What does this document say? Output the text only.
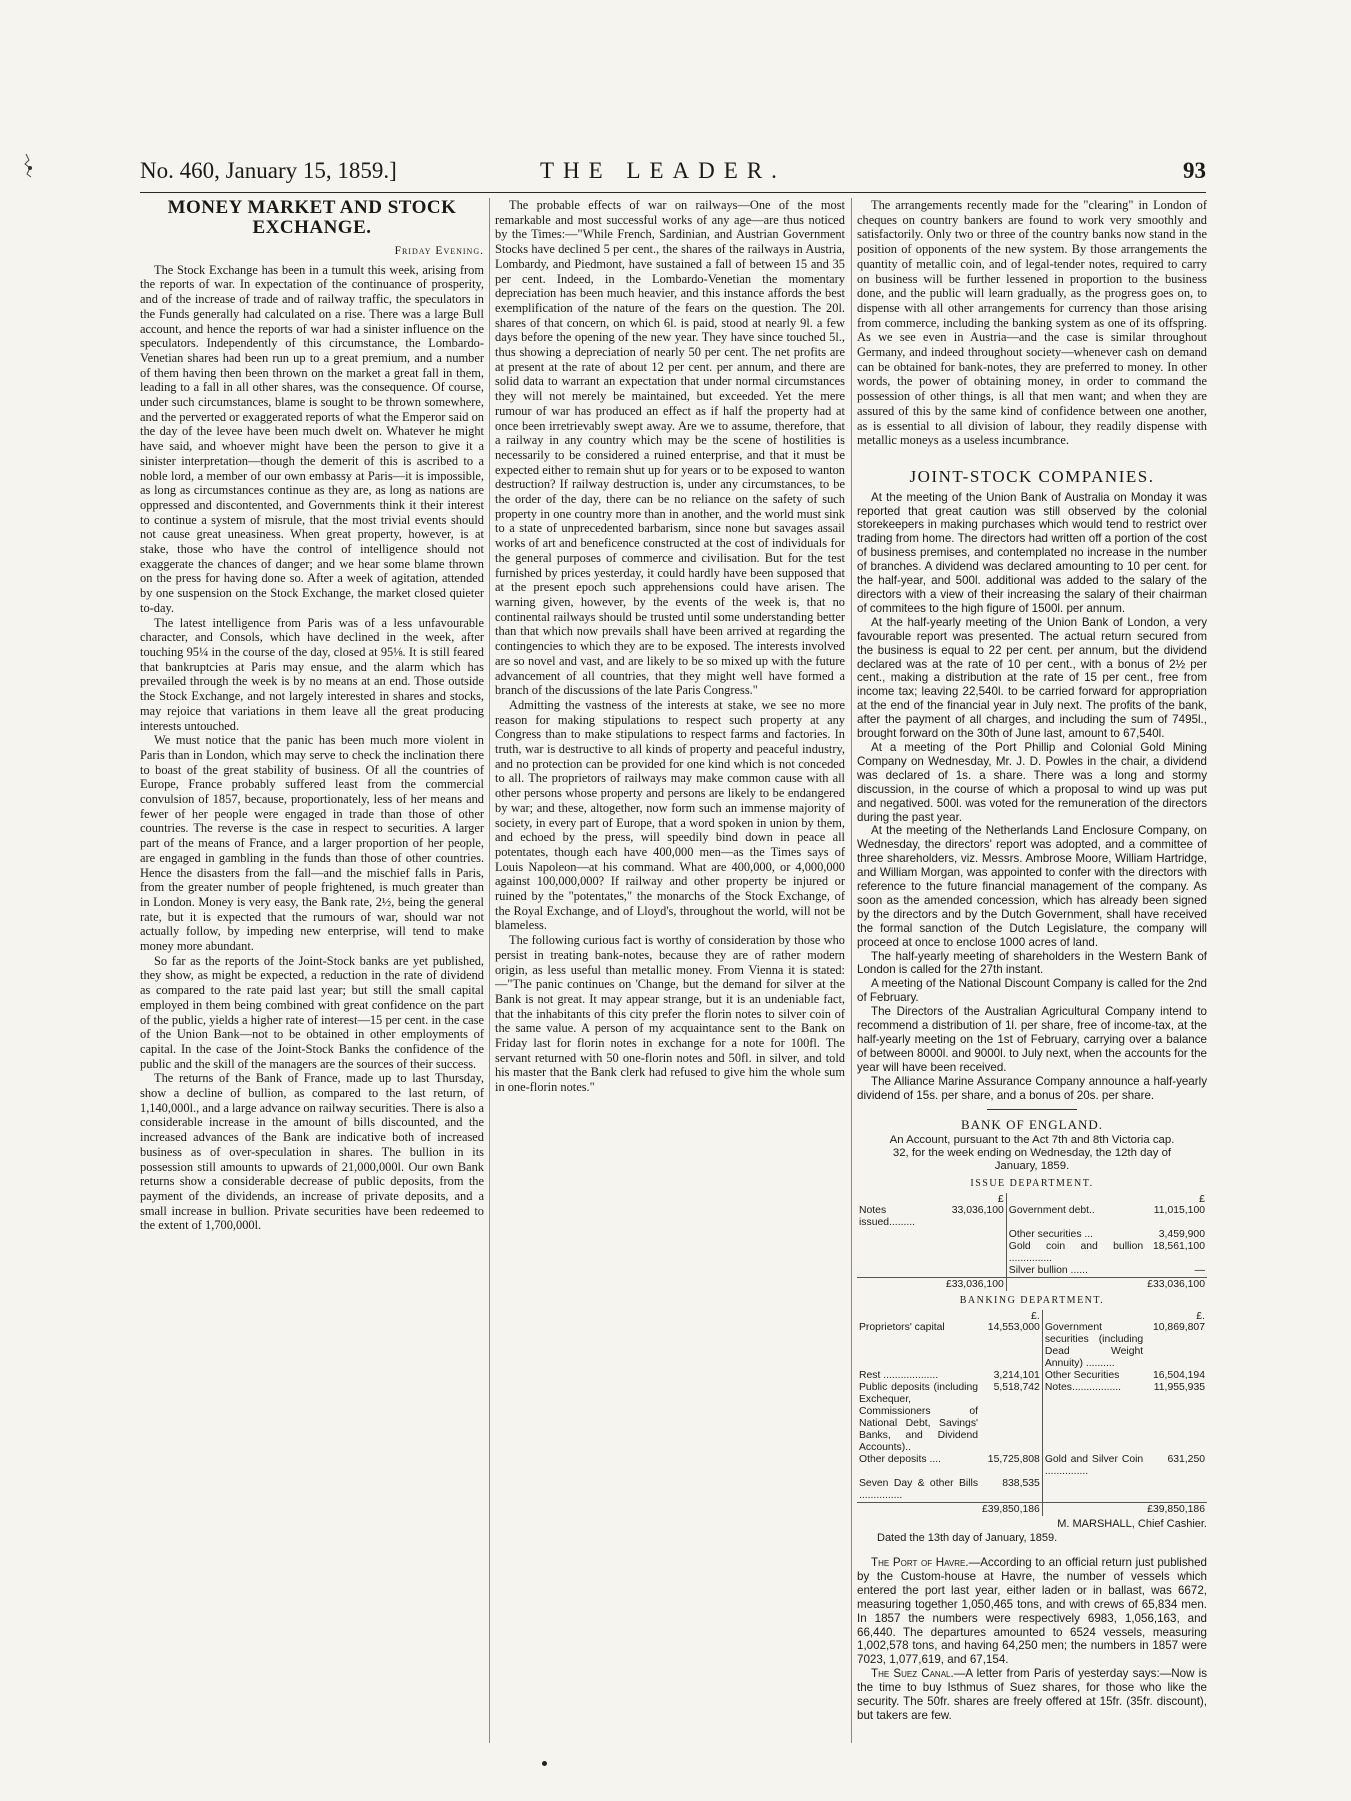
No. 460, January 15, 1859.]	THE LEADER.	93
MONEY MARKET AND STOCK EXCHANGE.
Friday Evening.

The Stock Exchange has been in a tumult this week, arising from the reports of war. In expectation of the continuance of prosperity, and of the increase of trade and of railway traffic, the speculators in the Funds generally had calculated on a rise. There was a large Bull account, and hence the reports of war had a sinister influence on the speculators. Independently of this circumstance, the Lombardo-Venetian shares had been run up to a great premium, and a number of them having then been thrown on the market a great fall in them, leading to a fall in all other shares, was the consequence. Of course, under such circumstances, blame is sought to be thrown somewhere, and the perverted or exaggerated reports of what the Emperor said on the day of the levee have been much dwelt on. Whatever he might have said, and whoever might have been the person to give it a sinister interpretation—though the demerit of this is ascribed to a noble lord, a member of our own embassy at Paris—it is impossible, as long as circumstances continue as they are, as long as nations are oppressed and discontented, and Governments think it their interest to continue a system of misrule, that the most trivial events should not cause great uneasiness. When great property, however, is at stake, those who have the control of intelligence should not exaggerate the chances of danger; and we hear some blame thrown on the press for having done so. After a week of agitation, attended by one suspension on the Stock Exchange, the market closed quieter to-day.

The latest intelligence from Paris was of a less unfavourable character, and Consols, which have declined in the week, after touching 95¼ in the course of the day, closed at 95⅛. It is still feared that bankruptcies at Paris may ensue, and the alarm which has prevailed through the week is by no means at an end. Those outside the Stock Exchange, and not largely interested in shares and stocks, may rejoice that variations in them leave all the great producing interests untouched.

We must notice that the panic has been much more violent in Paris than in London, which may serve to check the inclination there to boast of the great stability of business. Of all the countries of Europe, France probably suffered least from the commercial convulsion of 1857, because, proportionately, less of her means and fewer of her people were engaged in trade than those of other countries. The reverse is the case in respect to securities. A larger part of the means of France, and a larger proportion of her people, are engaged in gambling in the funds than those of other countries. Hence the disasters from the fall—and the mischief falls in Paris, from the greater number of people frightened, is much greater than in London. Money is very easy, the Bank rate, 2½, being the general rate, but it is expected that the rumours of war, should war not actually follow, by impeding new enterprise, will tend to make money more abundant.

So far as the reports of the Joint-Stock banks are yet published, they show, as might be expected, a reduction in the rate of dividend as compared to the rate paid last year; but still the small capital employed in them being combined with great confidence on the part of the public, yields a higher rate of interest—15 per cent. in the case of the Union Bank—not to be obtained in other employments of capital. In the case of the Joint-Stock Banks the confidence of the public and the skill of the managers are the sources of their success.

The returns of the Bank of France, made up to last Thursday, show a decline of bullion, as compared to the last return, of 1,140,000l., and a large advance on railway securities. There is also a considerable increase in the amount of bills discounted, and the increased advances of the Bank are indicative both of increased business as of over-speculation in shares. The bullion in its possession still amounts to upwards of 21,000,000l. Our own Bank returns show a considerable decrease of public deposits, from the payment of the dividends, an increase of private deposits, and a small increase in bullion. Private securities have been redeemed to the extent of 1,700,000l.

The probable effects of war on railways—One of the most remarkable and most successful works of any age—are thus noticed by the Times:—"While French, Sardinian, and Austrian Government Stocks have declined 5 per cent., the shares of the railways in Austria, Lombardy, and Piedmont, have sustained a fall of between 15 and 35 per cent. Indeed, in the Lombardo-Venetian the momentary depreciation has been much heavier, and this instance affords the best exemplification of the nature of the fears on the question. The 20l. shares of that concern, on which 6l. is paid, stood at nearly 9l. a few days before the opening of the new year. They have since touched 5l., thus showing a depreciation of nearly 50 per cent. The net profits are at present at the rate of about 12 per cent. per annum, and there are solid data to warrant an expectation that under normal circumstances they will not merely be maintained, but exceeded. Yet the mere rumour of war has produced an effect as if half the property had at once been irretrievably swept away. Are we to assume, therefore, that a railway in any country which may be the scene of hostilities is necessarily to be considered a ruined enterprise, and that it must be expected either to remain shut up for years or to be exposed to wanton destruction? If railway destruction is, under any circumstances, to be the order of the day, there can be no reliance on the safety of such property in one country more than in another, and the world must sink to a state of unprecedented barbarism, since none but savages assail works of art and beneficence constructed at the cost of individuals for the general purposes of commerce and civilisation. But for the test furnished by prices yesterday, it could hardly have been supposed that at the present epoch such apprehensions could have arisen. The warning given, however, by the events of the week is, that no continental railways should be trusted until some understanding better than that which now prevails shall have been arrived at regarding the contingencies to which they are to be exposed. The interests involved are so novel and vast, and are likely to be so mixed up with the future advancement of all countries, that they might well have formed a branch of the discussions of the late Paris Congress."

Admitting the vastness of the interests at stake, we see no more reason for making stipulations to respect such property at any Congress than to make stipulations to respect farms and factories. In truth, war is destructive to all kinds of property and peaceful industry, and no protection can be provided for one kind which is not conceded to all. The proprietors of railways may make common cause with all other persons whose property and persons are likely to be endangered by war; and these, altogether, now form such an immense majority of society, in every part of Europe, that a word spoken in union by them, and echoed by the press, will speedily bind down in peace all potentates, though each have 400,000 men—as the Times says of Louis Napoleon—at his command. What are 400,000, or 4,000,000 against 100,000,000? If railway and other property be injured or ruined by the "potentates," the monarchs of the Stock Exchange, of the Royal Exchange, and of Lloyd's, throughout the world, will not be blameless.

The following curious fact is worthy of consideration by those who persist in treating bank-notes, because they are of rather modern origin, as less useful than metallic money. From Vienna it is stated:—"The panic continues on 'Change, but the demand for silver at the Bank is not great. It may appear strange, but it is an undeniable fact, that the inhabitants of this city prefer the florin notes to silver coin of the same value. A person of my acquaintance sent to the Bank on Friday last for florin notes in exchange for a note for 100fl. The servant returned with 50 one-florin notes and 50fl. in silver, and told his master that the Bank clerk had refused to give him the whole sum in one-florin notes."

The arrangements recently made for the "clearing" in London of cheques on country bankers are found to work very smoothly and satisfactorily. Only two or three of the country banks now stand in the position of opponents of the new system. By those arrangements the quantity of metallic coin, and of legal-tender notes, required to carry on business will be further lessened in proportion to the business done, and the public will learn gradually, as the progress goes on, to dispense with all other arrangements for currency than those arising from commerce, including the banking system as one of its offspring. As we see even in Austria—and the case is similar throughout Germany, and indeed throughout society—whenever cash on demand can be obtained for bank-notes, they are preferred to money. In other words, the power of obtaining money, in order to command the possession of other things, is all that men want; and when they are assured of this by the same kind of confidence between one another, as is essential to all division of labour, they readily dispense with metallic moneys as a useless incumbrance.

JOINT-STOCK COMPANIES.

At the meeting of the Union Bank of Australia on Monday it was reported that great caution was still observed by the colonial storekeepers in making purchases which would tend to restrict over trading from home. The directors had written off a portion of the cost of business premises, and contemplated no increase in the number of branches. A dividend was declared amounting to 10 per cent. for the half-year, and 500l. additional was added to the salary of the directors with a view of their increasing the salary of their chairman of commitees to the high figure of 1500l. per annum.

At the half-yearly meeting of the Union Bank of London, a very favourable report was presented. The actual return secured from the business is equal to 22 per cent. per annum, but the dividend declared was at the rate of 10 per cent., with a bonus of 2½ per cent., making a distribution at the rate of 15 per cent., free from income tax; leaving 22,540l. to be carried forward for appropriation at the end of the financial year in July next. The profits of the bank, after the payment of all charges, and including the sum of 7495l., brought forward on the 30th of June last, amount to 67,540l.

At a meeting of the Port Phillip and Colonial Gold Mining Company on Wednesday, Mr. J. D. Powles in the chair, a dividend was declared of 1s. a share. There was a long and stormy discussion, in the course of which a proposal to wind up was put and negatived. 500l. was voted for the remuneration of the directors during the past year.

At the meeting of the Netherlands Land Enclosure Company, on Wednesday, the directors' report was adopted, and a committee of three shareholders, viz. Messrs. Ambrose Moore, William Hartridge, and William Morgan, was appointed to confer with the directors with reference to the future financial management of the company. As soon as the amended concession, which has already been signed by the directors and by the Dutch Government, shall have received the formal sanction of the Dutch Legislature, the company will proceed at once to enclose 1000 acres of land.

The half-yearly meeting of shareholders in the Western Bank of London is called for the 27th instant.

A meeting of the National Discount Company is called for the 2nd of February.

The Directors of the Australian Agricultural Company intend to recommend a distribution of 1l. per share, free of income-tax, at the half-yearly meeting on the 1st of February, carrying over a balance of between 8000l. and 9000l. to July next, when the accounts for the year will have been received.

The Alliance Marine Assurance Company announce a half-yearly dividend of 15s. per share, and a bonus of 20s. per share.

BANK OF ENGLAND.
An Account, pursuant to the Act 7th and 8th Victoria cap. 32, for the week ending on Wednesday, the 12th day of January, 1859.
ISSUE DEPARTMENT.
	£		£
Notes issued.........	33,036,100	Government debt..	11,015,100
		Other securities ...	3,459,900
		Gold coin and bullion ...............	18,561,100
		Silver bullion ......	—
	£33,036,100		£33,036,100
BANKING DEPARTMENT.
	£.		£.
Proprietors' capital	14,553,000	Government securities (including Dead Weight Annuity) ..........	10,869,807
Rest ...................	3,214,101	Other Securities	16,504,194
Public deposits (including Exchequer, Commissioners of National Debt, Savings' Banks, and Dividend Accounts)..	5,518,742	Notes.................	11,955,935
Other deposits ....	15,725,808	Gold and Silver Coin ...............	631,250
Seven Day & other Bills ...............	838,535		
	£39,850,186		£39,850,186
M. MARSHALL, Chief Cashier.
Dated the 13th day of January, 1859.

The Port of Havre.—According to an official return just published by the Custom-house at Havre, the number of vessels which entered the port last year, either laden or in ballast, was 6672, measuring together 1,050,465 tons, and with crews of 65,834 men. In 1857 the numbers were respectively 6983, 1,056,163, and 66,440. The departures amounted to 6524 vessels, measuring 1,002,578 tons, and having 64,250 men; the numbers in 1857 were 7023, 1,077,619, and 67,154.

The Suez Canal.—A letter from Paris of yesterday says:—Now is the time to buy Isthmus of Suez shares, for those who like the security. The 50fr. shares are freely offered at 15fr. (35fr. discount), but takers are few.
